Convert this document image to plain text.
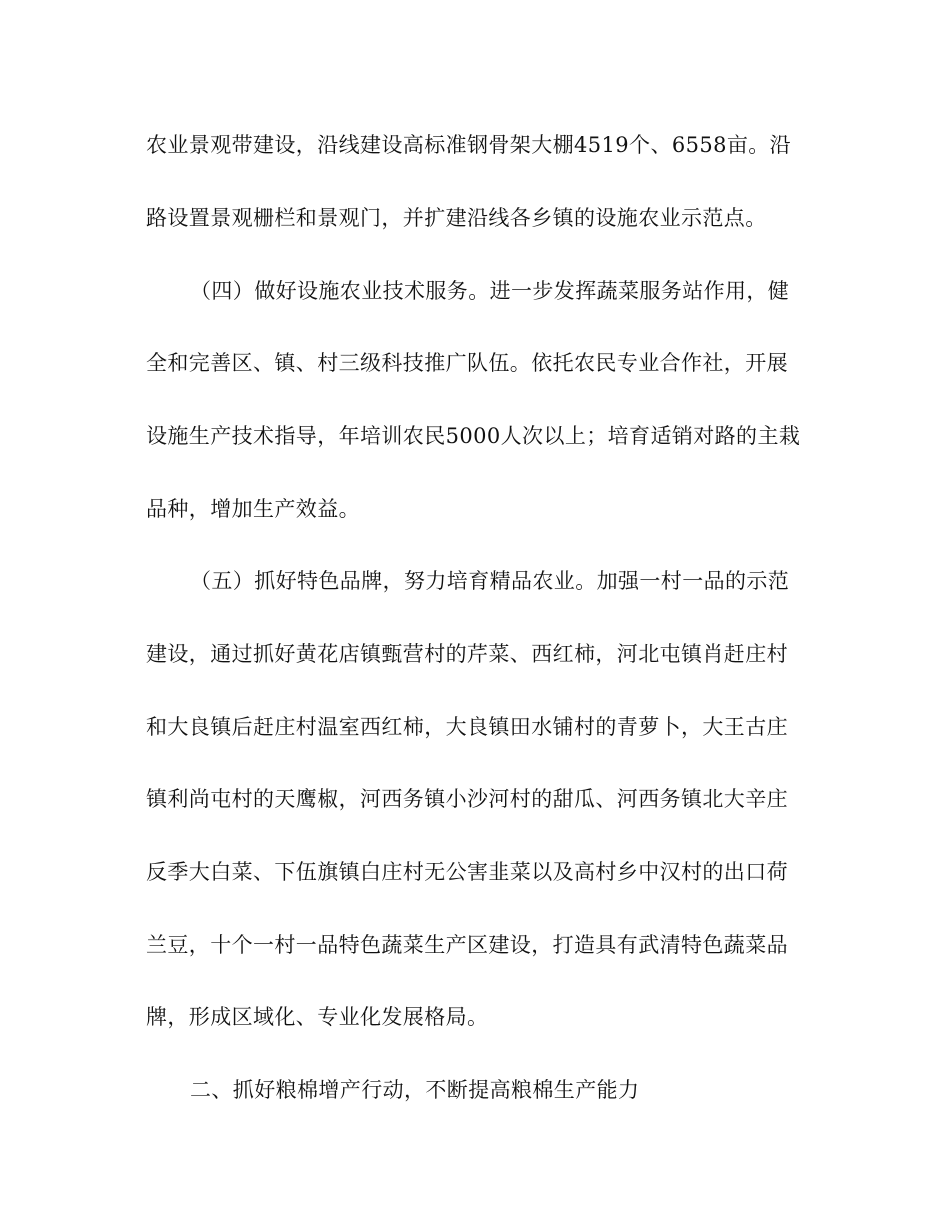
农业景观带建设，沿线建设高标准钢骨架大棚4519个、6558亩。沿
路设置景观栅栏和景观门，并扩建沿线各乡镇的设施农业示范点。
（四）做好设施农业技术服务。进一步发挥蔬菜服务站作用，健
全和完善区、镇、村三级科技推广队伍。依托农民专业合作社，开展
设施生产技术指导，年培训农民5000人次以上；培育适销对路的主栽
品种，增加生产效益。
（五）抓好特色品牌，努力培育精品农业。加强一村一品的示范
建设，通过抓好黄花店镇甄营村的芹菜、西红柿，河北屯镇肖赶庄村
和大良镇后赶庄村温室西红柿，大良镇田水铺村的青萝卜，大王古庄
镇利尚屯村的天鹰椒，河西务镇小沙河村的甜瓜、河西务镇北大辛庄
反季大白菜、下伍旗镇白庄村无公害韭菜以及高村乡中汉村的出口荷
兰豆，十个一村一品特色蔬菜生产区建设，打造具有武清特色蔬菜品
牌，形成区域化、专业化发展格局。
二、抓好粮棉增产行动，不断提高粮棉生产能力
